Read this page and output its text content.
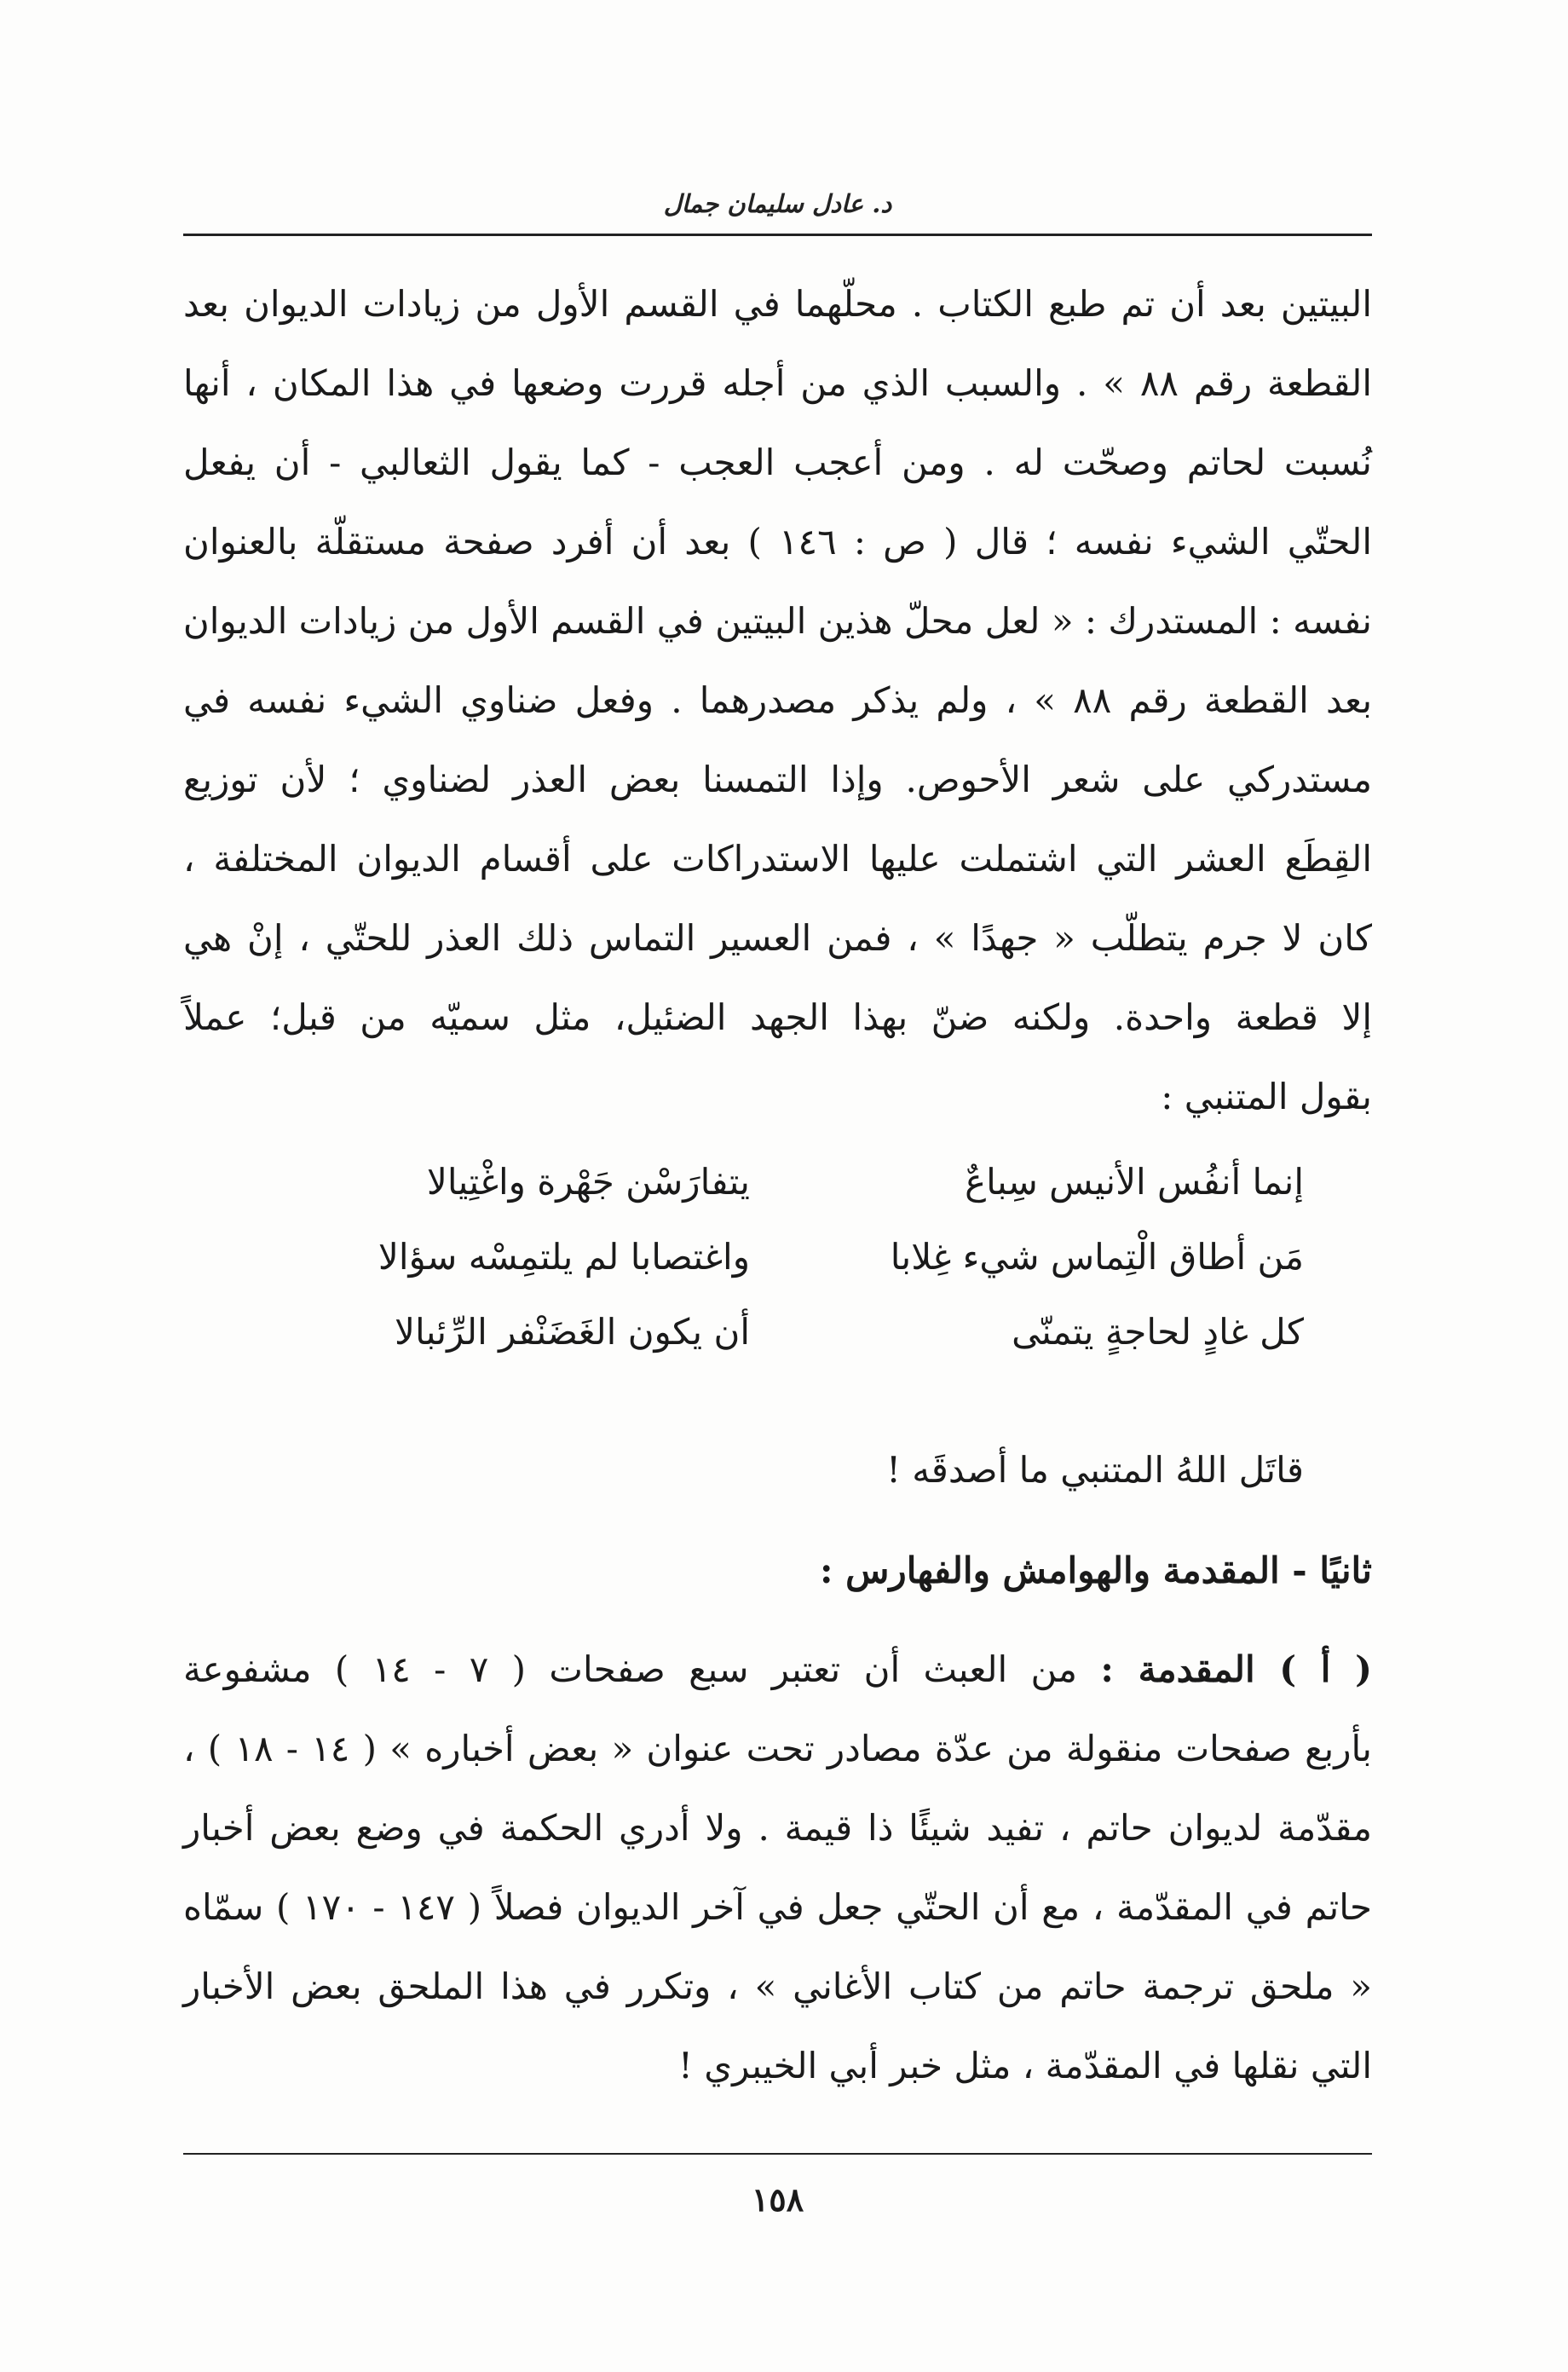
د. عادل سليمان جمال
البيتين بعد أن تم طبع الكتاب . محلّهما في القسم الأول من زيادات الديوان بعد
القطعة رقم ٨٨ » . والسبب الذي من أجله قررت وضعها في هذا المكان ، أنها
نُسبت لحاتم وصحّت له . ومن أعجب العجب - كما يقول الثعالبي - أن يفعل
الحتّي الشيء نفسه ؛ قال ( ص : ١٤٦ ) بعد أن أفرد صفحة مستقلّة بالعنوان
نفسه : المستدرك : « لعل محلّ هذين البيتين في القسم الأول من زيادات الديوان
بعد القطعة رقم ٨٨ » ، ولم يذكر مصدرهما . وفعل ضناوي الشيء نفسه في
مستدركي على شعر الأحوص. وإذا التمسنا بعض العذر لضناوي ؛ لأن توزيع
القِطَع العشر التي اشتملت عليها الاستدراكات على أقسام الديوان المختلفة ،
كان لا جرم يتطلّب « جهدًا » ، فمن العسير التماس ذلك العذر للحتّي ، إنْ هي
إلا قطعة واحدة. ولكنه ضنّ بهذا الجهد الضئيل، مثل سميّه من قبل؛ عملاً
بقول المتنبي :
إنما أنفُس الأنيس سِباعٌ
يتفارَسْن جَهْرة واغْتِيالا
مَن أطاق الْتِماس شيء غِلابا
واغتصابا لم يلتمِسْه سؤالا
كل غادٍ لحاجةٍ يتمنّى
أن يكون الغَضَنْفر الرِّئبالا
قاتَل اللهُ المتنبي ما أصدقَه !
ثانيًا - المقدمة والهوامش والفهارس :
( أ ) المقدمة : من العبث أن تعتبر سبع صفحات ( ٧ - ١٤ ) مشفوعة
بأربع صفحات منقولة من عدّة مصادر تحت عنوان « بعض أخباره » ( ١٤ - ١٨ ) ،
مقدّمة لديوان حاتم ، تفيد شيئًا ذا قيمة . ولا أدري الحكمة في وضع بعض أخبار
حاتم في المقدّمة ، مع أن الحتّي جعل في آخر الديوان فصلاً ( ١٤٧ - ١٧٠ ) سمّاه
« ملحق ترجمة حاتم من كتاب الأغاني » ، وتكرر في هذا الملحق بعض الأخبار
التي نقلها في المقدّمة ، مثل خبر أبي الخيبري !
١٥٨
